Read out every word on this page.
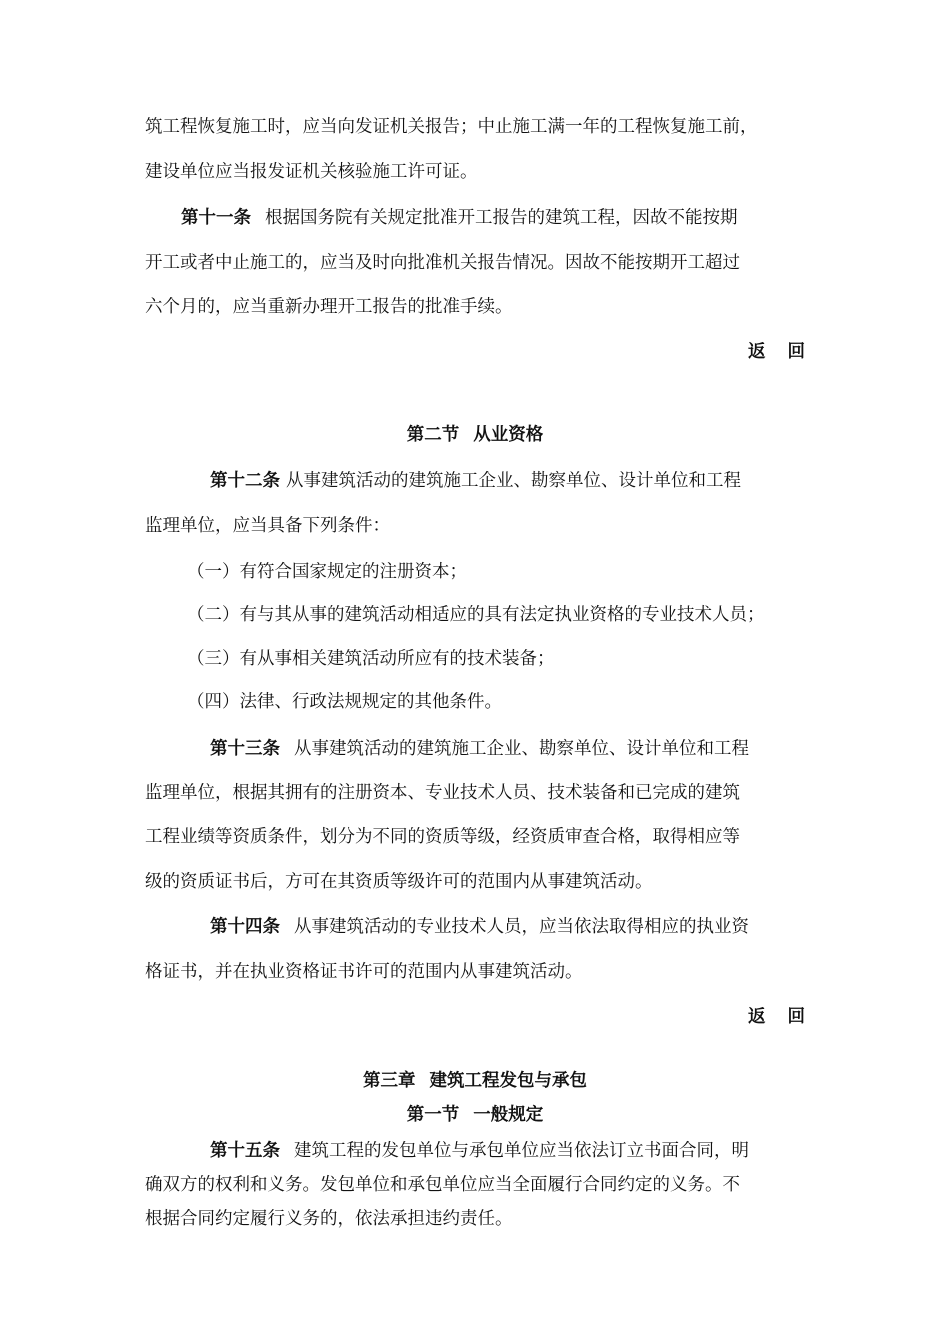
筑工程恢复施工时，应当向发证机关报告；中止施工满一年的工程恢复施工前，
建设单位应当报发证机关核验施工许可证。
第十一条 根据国务院有关规定批准开工报告的建筑工程，因故不能按期
开工或者中止施工的，应当及时向批准机关报告情况。因故不能按期开工超过
六个月的，应当重新办理开工报告的批准手续。
返 回
第二节 从业资格
第十二条 从事建筑活动的建筑施工企业、勘察单位、设计单位和工程
监理单位，应当具备下列条件：
（一）有符合国家规定的注册资本；
（二）有与其从事的建筑活动相适应的具有法定执业资格的专业技术人员；
（三）有从事相关建筑活动所应有的技术装备；
（四）法律、行政法规规定的其他条件。
第十三条 从事建筑活动的建筑施工企业、勘察单位、设计单位和工程
监理单位，根据其拥有的注册资本、专业技术人员、技术装备和已完成的建筑
工程业绩等资质条件，划分为不同的资质等级，经资质审查合格，取得相应等
级的资质证书后，方可在其资质等级许可的范围内从事建筑活动。
第十四条 从事建筑活动的专业技术人员，应当依法取得相应的执业资
格证书，并在执业资格证书许可的范围内从事建筑活动。
返 回
第三章 建筑工程发包与承包
第一节 一般规定
第十五条 建筑工程的发包单位与承包单位应当依法订立书面合同，明
确双方的权利和义务。发包单位和承包单位应当全面履行合同约定的义务。不
根据合同约定履行义务的，依法承担违约责任。
